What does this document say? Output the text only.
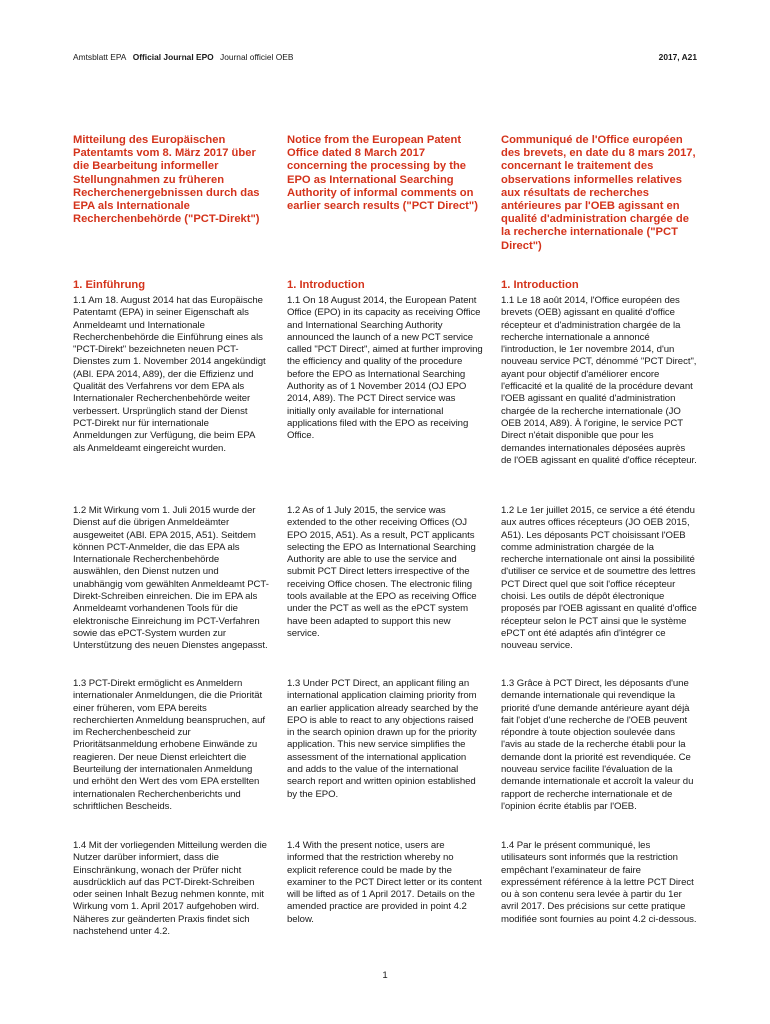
Amtsblatt EPA Official Journal EPO Journal officiel OEB	2017, A21
Mitteilung des Europäischen Patentamts vom 8. März 2017 über die Bearbeitung informeller Stellungnahmen zu früheren Recherchenergebnissen durch das EPA als Internationale Recherchenbehörde ("PCT-Direkt")
1. Einführung

1.1 Am 18. August 2014 hat das Europäische Patentamt (EPA) in seiner Eigenschaft als Anmeldeamt und Internationale Recherchenbehörde die Einführung eines als "PCT-Direkt" bezeichneten neuen PCT-Dienstes zum 1. November 2014 angekündigt (ABl. EPA 2014, A89), der die Effizienz und Qualität des Verfahrens vor dem EPA als Internationaler Recherchenbehörde weiter verbessert. Ursprünglich stand der Dienst PCT-Direkt nur für internationale Anmeldungen zur Verfügung, die beim EPA als Anmeldeamt eingereicht wurden.

1.2 Mit Wirkung vom 1. Juli 2015 wurde der Dienst auf die übrigen Anmeldeämter ausgeweitet (ABl. EPA 2015, A51). Seitdem können PCT-Anmelder, die das EPA als Internationale Recherchenbehörde auswählen, den Dienst nutzen und unabhängig vom gewählten Anmeldeamt PCT-Direkt-Schreiben einreichen. Die im EPA als Anmeldeamt vorhandenen Tools für die elektronische Einreichung im PCT-Verfahren sowie das ePCT-System wurden zur Unterstützung des neuen Dienstes angepasst.

1.3 PCT-Direkt ermöglicht es Anmeldern internationaler Anmeldungen, die die Priorität einer früheren, vom EPA bereits recherchierten Anmeldung beanspruchen, auf im Recherchenbescheid zur Prioritätsanmeldung erhobene Einwände zu reagieren. Der neue Dienst erleichtert die Beurteilung der internationalen Anmeldung und erhöht den Wert des vom EPA erstellten internationalen Recherchenberichts und schriftlichen Bescheids.

1.4 Mit der vorliegenden Mitteilung werden die Nutzer darüber informiert, dass die Einschränkung, wonach der Prüfer nicht ausdrücklich auf das PCT-Direkt-Schreiben oder seinen Inhalt Bezug nehmen konnte, mit Wirkung vom 1. April 2017 aufgehoben wird. Näheres zur geänderten Praxis findet sich nachstehend unter 4.2.

Notice from the European Patent Office dated 8 March 2017 concerning the processing by the EPO as International Searching Authority of informal comments on earlier search results ("PCT Direct")
1. Introduction

1.1 On 18 August 2014, the European Patent Office (EPO) in its capacity as receiving Office and International Searching Authority announced the launch of a new PCT service called "PCT Direct", aimed at further improving the efficiency and quality of the procedure before the EPO as International Searching Authority as of 1 November 2014 (OJ EPO 2014, A89). The PCT Direct service was initially only available for international applications filed with the EPO as receiving Office.

1.2 As of 1 July 2015, the service was extended to the other receiving Offices (OJ EPO 2015, A51). As a result, PCT applicants selecting the EPO as International Searching Authority are able to use the service and submit PCT Direct letters irrespective of the receiving Office chosen. The electronic filing tools available at the EPO as receiving Office under the PCT as well as the ePCT system have been adapted to support this new service.

1.3 Under PCT Direct, an applicant filing an international application claiming priority from an earlier application already searched by the EPO is able to react to any objections raised in the search opinion drawn up for the priority application. This new service simplifies the assessment of the international application and adds to the value of the international search report and written opinion established by the EPO.

1.4 With the present notice, users are informed that the restriction whereby no explicit reference could be made by the examiner to the PCT Direct letter or its content will be lifted as of 1 April 2017. Details on the amended practice are provided in point 4.2 below.

Communiqué de l'Office européen des brevets, en date du 8 mars 2017, concernant le traitement des observations informelles relatives aux résultats de recherches antérieures par l'OEB agissant en qualité d'administration chargée de la recherche internationale ("PCT Direct")
1. Introduction

1.1 Le 18 août 2014, l'Office européen des brevets (OEB) agissant en qualité d'office récepteur et d'administration chargée de la recherche internationale a annoncé l'introduction, le 1er novembre 2014, d'un nouveau service PCT, dénommé "PCT Direct", ayant pour objectif d'améliorer encore l'efficacité et la qualité de la procédure devant l'OEB agissant en qualité d'administration chargée de la recherche internationale (JO OEB 2014, A89). À l'origine, le service PCT Direct n'était disponible que pour les demandes internationales déposées auprès de l'OEB agissant en qualité d'office récepteur.

1.2 Le 1er juillet 2015, ce service a été étendu aux autres offices récepteurs (JO OEB 2015, A51). Les déposants PCT choisissant l'OEB comme administration chargée de la recherche internationale ont ainsi la possibilité d'utiliser ce service et de soumettre des lettres PCT Direct quel que soit l'office récepteur choisi. Les outils de dépôt électronique proposés par l'OEB agissant en qualité d'office récepteur selon le PCT ainsi que le système ePCT ont été adaptés afin d'intégrer ce nouveau service.

1.3 Grâce à PCT Direct, les déposants d'une demande internationale qui revendique la priorité d'une demande antérieure ayant déjà fait l'objet d'une recherche de l'OEB peuvent répondre à toute objection soulevée dans l'avis au stade de la recherche établi pour la demande dont la priorité est revendiquée. Ce nouveau service facilite l'évaluation de la demande internationale et accroît la valeur du rapport de recherche internationale et de l'opinion écrite établis par l'OEB.

1.4 Par le présent communiqué, les utilisateurs sont informés que la restriction empêchant l'examinateur de faire expressément référence à la lettre PCT Direct ou à son contenu sera levée à partir du 1er avril 2017. Des précisions sur cette pratique modifiée sont fournies au point 4.2 ci-dessous.

1
